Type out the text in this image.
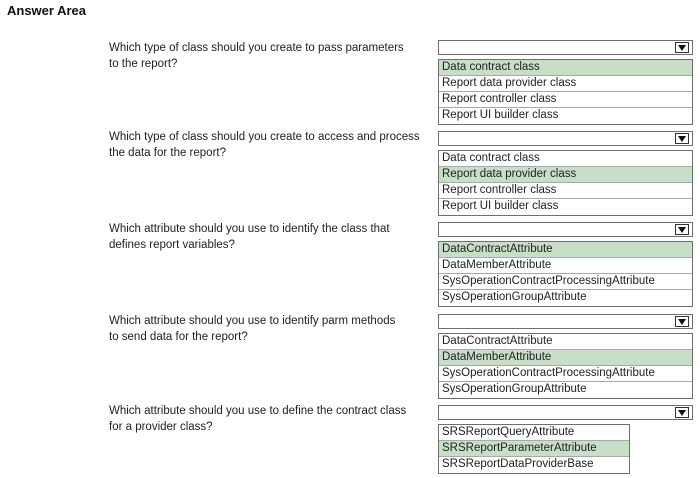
Answer Area
Which type of class should you create to pass parameters
to the report?	Data contract class
Report data provider class
Report controller class
Report UI builder class
Which type of class should you create to access and process
the data for the report?	Data contract class
Report data provider class
Report controller class
Report UI builder class
Which attribute should you use to identify the class that
defines report variables?	DataContractAttribute
DataMemberAttribute
SysOperationContractProcessingAttribute
SysOperationGroupAttribute
Which attribute should you use to identify parm methods
to send data for the report?	DataContractAttribute
DataMemberAttribute
SysOperationContractProcessingAttribute
SysOperationGroupAttribute
Which attribute should you use to define the contract class
for a provider class?	SRSReportQueryAttribute
SRSReportParameterAttribute
SRSReportDataProviderBase
